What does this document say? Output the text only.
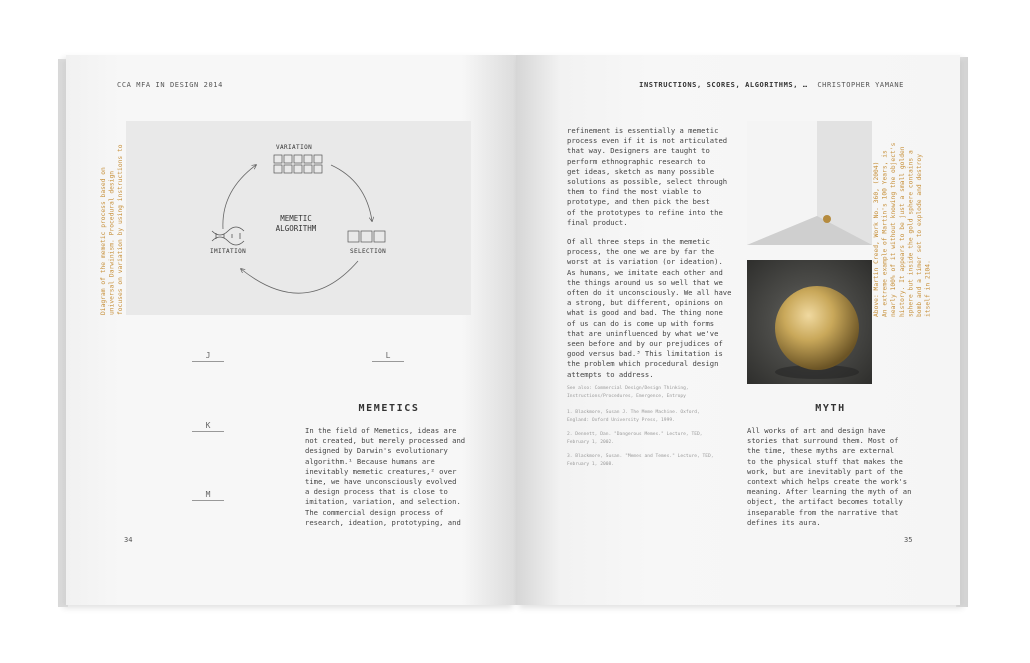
CCA MFA IN DESIGN 2014
Diagram of the memetic process based on universal Darwinism. Procedural design focuses on variation by using instructions to	VARIATION
MEMETIC
ALGORITHM
SELECTION
IMITATION
J	L
K
M
MEMETICS
In the field of Memetics, ideas are
not created, but merely processed and
designed by Darwin's evolutionary
algorithm.¹ Because humans are
inevitably memetic creatures,² over
time, we have unconsciously evolved
a design process that is close to
imitation, variation, and selection.
The commercial design process of
research, ideation, prototyping, and
34
INSTRUCTIONS, SCORES, ALGORITHMS, … CHRISTOPHER YAMANE
refinement is essentially a memetic
process even if it is not articulated
that way. Designers are taught to
perform ethnographic research to
get ideas, sketch as many possible
solutions as possible, select through
them to find the most viable to
prototype, and then pick the best
of the prototypes to refine into the
final product.
Of all three steps in the memetic
process, the one we are by far the
worst at is variation (or ideation).
As humans, we imitate each other and
the things around us so well that we
often do it unconsciously. We all have
a strong, but different, opinions on
what is good and bad. The thing none
of us can do is come up with forms
that are uninfluenced by what we've
seen before and by our prejudices of
good versus bad.³ This limitation is
the problem which procedural design
attempts to address.
See also: Commercial Design/Design Thinking,
Instructions/Procedures, Emergence, Entropy
1. Blackmore, Susan J. The Meme Machine. Oxford,
England: Oxford University Press, 1999.
2. Dennett, Dan. "Dangerous Memes." Lecture, TED,
February 1, 2002.
3. Blackmore, Susan. "Memes and Temes." Lecture, TED,
February 1, 2008.
Above: Martin Creed, Work No. 360, (2004) An extreme example of Martin's 100 Years, is nearly 100% of it without knowing the object's history. It appears to be just a small golden sphere but inside the gold sphere contains a bomb and a timer set to explode and destroy itself in 2104.
MYTH
All works of art and design have
stories that surround them. Most of
the time, these myths are external
to the physical stuff that makes the
work, but are inevitably part of the
context which helps create the work's
meaning. After learning the myth of an
object, the artifact becomes totally
inseparable from the narrative that
defines its aura.
35
